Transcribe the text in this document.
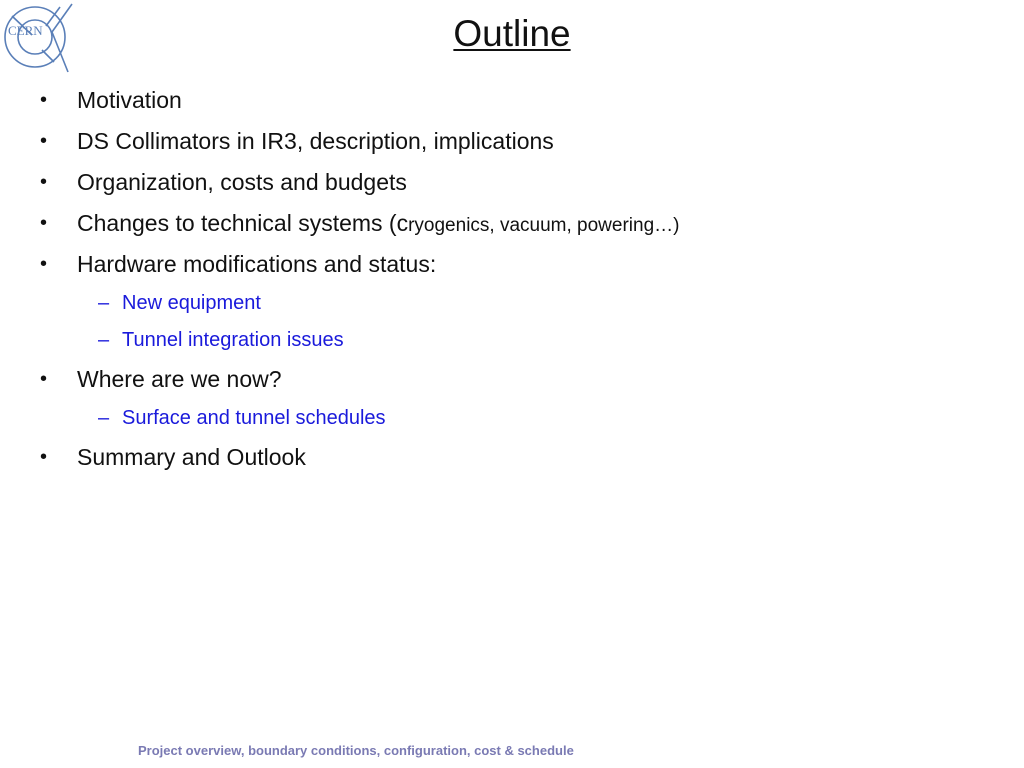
CERN	Outline
• Motivation
• DS Collimators in IR3, description, implications
• Organization, costs and budgets
• Changes to technical systems (cryogenics, vacuum, powering…)
• Hardware modifications and status:
– New equipment
– Tunnel integration issues
• Where are we now?
– Surface and tunnel schedules
• Summary and Outlook
Project overview, boundary conditions, configuration, cost & schedule
